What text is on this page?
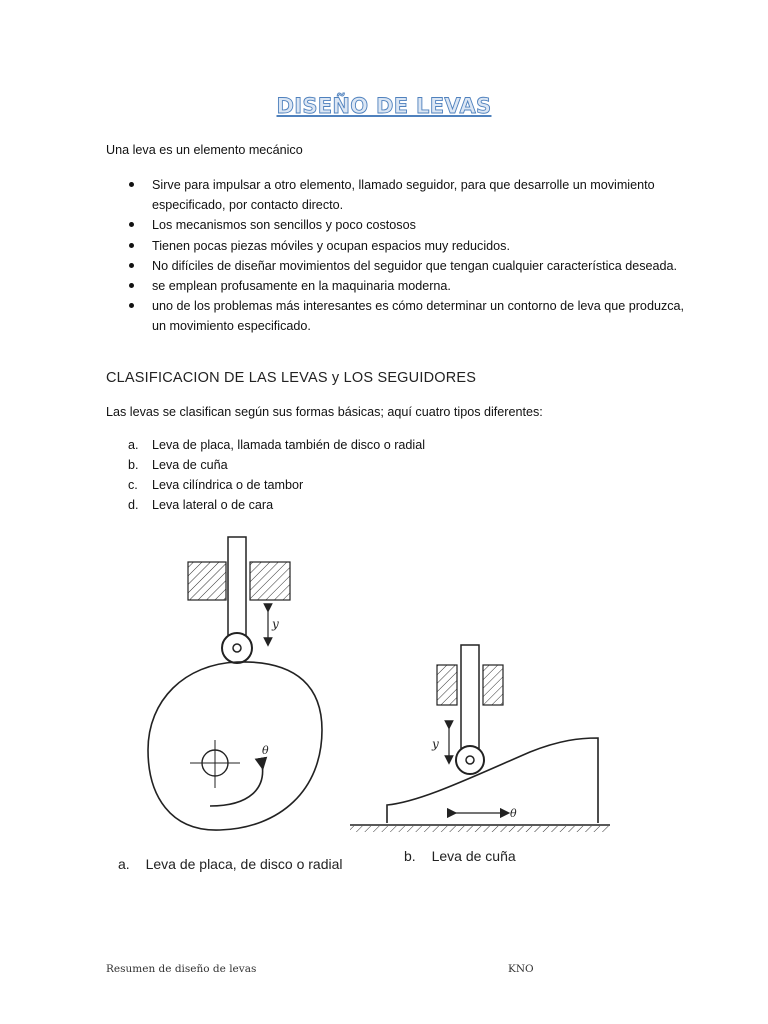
DISEÑO DE LEVAS
Una leva es un elemento mecánico
Sirve para impulsar a otro elemento, llamado seguidor, para que desarrolle un movimiento especificado, por contacto directo.
Los mecanismos son sencillos y poco costosos
Tienen pocas piezas móviles y ocupan espacios muy reducidos.
No difíciles de diseñar movimientos del seguidor que tengan cualquier característica deseada.
se emplean profusamente en la maquinaria moderna.
uno de los problemas más interesantes es cómo determinar un contorno de leva que produzca, un movimiento especificado.
CLASIFICACION DE LAS LEVAS y LOS SEGUIDORES
Las levas se clasifican según sus formas básicas; aquí cuatro tipos diferentes:
a.	Leva de placa, llamada también de disco o radial
b.	Leva de cuña
c.	Leva cilíndrica o de tambor
d.	Leva lateral o de cara
y
θ	y
θ
a. Leva de placa, de disco o radial	b. Leva de cuña
Resumen de diseño de levas	KNO
